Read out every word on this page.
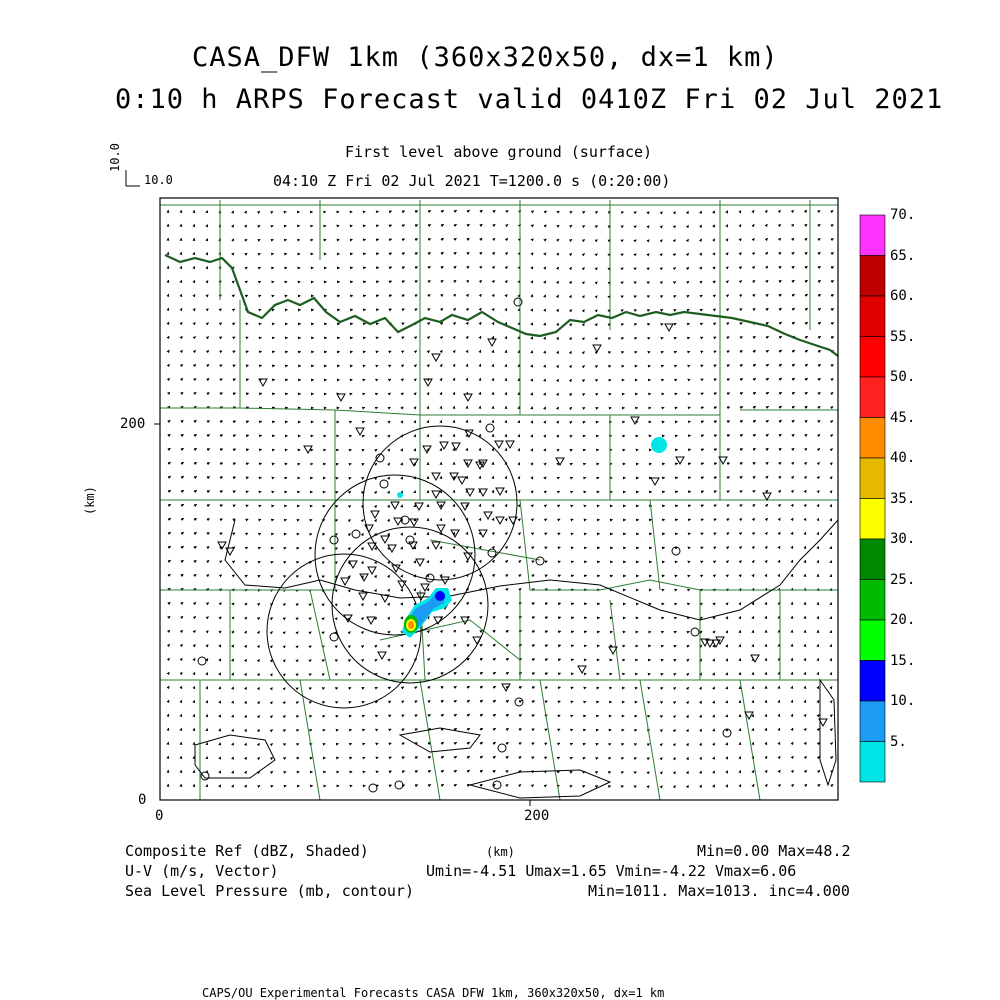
CASA_DFW 1km (360x320x50, dx=1 km)
0:10 h ARPS Forecast valid 0410Z Fri 02 Jul 2021
First level above ground (surface)
04:10 Z Fri 02 Jul 2021 T=1200.0 s (0:20:00)
10.0
10.0
(km)
(km)
0	200
0
200
70.
65.
60.
55.
50.
45.
40.
35.
30.
25.
20.
15.
10.
5.
Composite Ref (dBZ, Shaded)
U-V (m/s, Vector)
Sea Level Pressure (mb, contour)
Min=0.00 Max=48.2
Umin=-4.51 Umax=1.65 Vmin=-4.22 Vmax=6.06
Min=1011. Max=1013. inc=4.000
CAPS/OU Experimental Forecasts CASA DFW 1km, 360x320x50, dx=1 km
